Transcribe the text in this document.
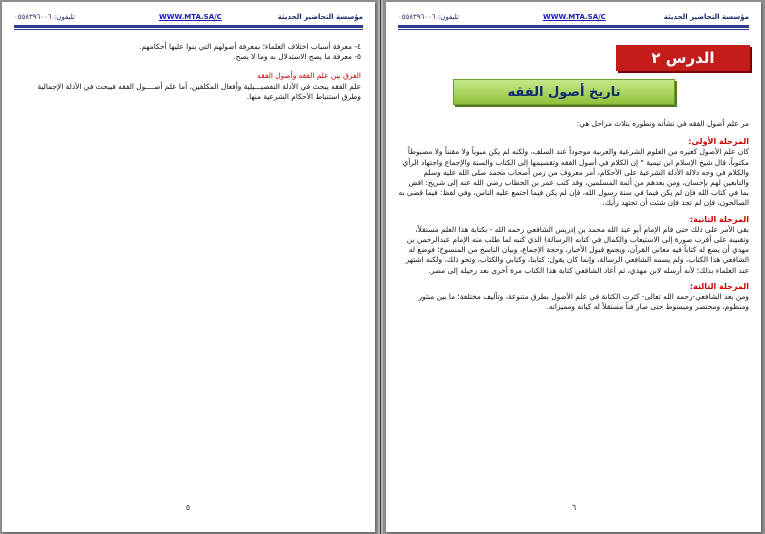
مؤسسة التحاضير الحديثة
WWW.MTA.SA/C
تليفون: ٠٥٥٨٣٩٦٠٠٦

٤- معرفة أسباب اختلاف العلماء؛ بمعرفة أصولهم التي بنوا عليها أحكامهم.

٥- معرفة ما يصح الاستدلال به وما لا يصح.

الفرق بين علم الفقه وأصول الفقه

علم الفقه يبحث في الأدلة التفصيـــيلية وأفعال المكلفين، أما علم أصــــول الفقه فيبحث في الأدلة الإجمالية وطرق استنباط الأحكام الشرعية منها.

٥
مؤسسة التحاضير الحديثة
WWW.MTA.SA/C
تليفون: ٠٥٥٨٣٩٦٠٠٦
الدرس ٢
تاريخ أصول الفقه

مر علم أصول الفقه في نشأته وتطوره بثلاث مراحل هي:

المرحلة الأولى:

كان علم الأصول كغيره من العلوم الشرعية والعربية موجوداً عند السلف، ولكنه لم يكن مبوباً ولا مقنناً ولا مضبوطاً مكتوباً، قال شيخ الإسلام ابن تيمية " إن الكلام في أصول الفقه وتقسيمها إلى الكتاب والسنة والإجماع واجتهاد الرأي والكلام في وجه دلالة الأدلة الشرعية على الأحكام، أمر معروف من زمن أصحاب محمد صلى الله عليه وسلم والتابعين لهم بإحسان، ومن بعدهم من أئمة المسلمين، وقد كتب عمر بن الخطاب رضي الله عنه إلى شريح: اقض بما في كتاب الله فإن لم يكن فيما في سنة رسول الله، فإن لم يكن فيما اجتمع عليه الناس، وفي لفظ: فيما قضى به الصالحون، فإن لم تجد فإن شئت أن تجتهد رأيك.

المرحلة الثانية:

بقي الأمر على ذلك حتى قام الإمام أبو عبد الله محمد بن إدريس الشافعي رحمه الله - بكتابة هذا العلم مستقلاً، وتقنينه على أقرب صورة إلى الاستيعاب والكمال في كتابه (الرسالة) الذي كتبه لما طلب منه الإمام عبدالرحمن بن مهدي أن يضع له كتاباً فيه معاني القرآن، ويجمع قبول الأخبار، وحجة الإجماع، وبيان الناسخ من المنسوخ؛ فوضع له الشافعي هذا الكتاب، ولم يسمه الشافعي الرسالة، وإنما كان يقول: كتابنا، وكتابي والكتاب، ونحو ذلك، ولكنه اشتهر عند العلماء بذلك؛ لأنه أرسله لابن مهدي، ثم أعاد الشافعي كتابة هذا الكتاب مرة أخرى بعد رحيله إلى مصر.

المرحلة الثالثة:

ومن بعد الشافعي-رحمه الله تعالى- كثرت الكتابة في علم الأصول بطرق متنوعة، وتآليف مختلفة؛ ما بين منثور ومنظوم، ومختصر ومبسوط حتى صار فناً مستقلاً له كيانه ومميزاته.

٦
